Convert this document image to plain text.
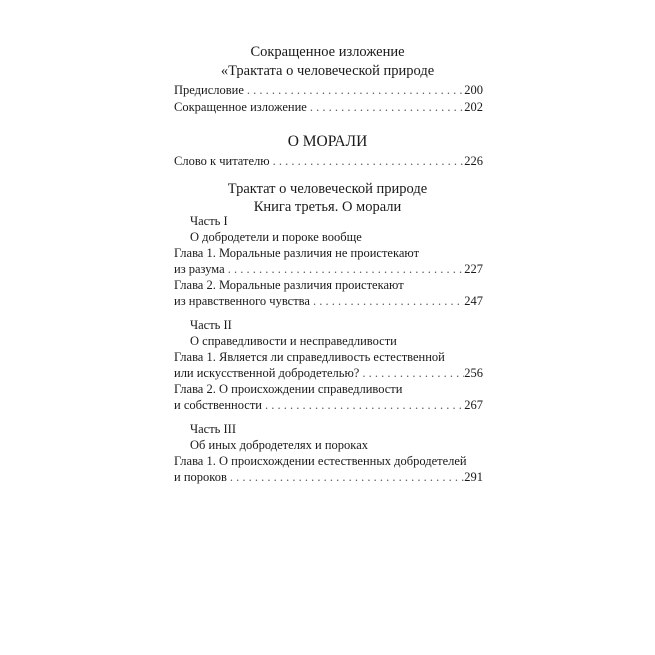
Сокращенное изложение
«Трактата о человеческой природе
Предисловие . . .	200
Сокращенное изложение . . .	202
О МОРАЛИ
Слово к читателю . . .	226
Трактат о человеческой природе
Книга третья. О морали
Часть I
О добродетели и пороке вообще
Глава 1. Моральные различия не проистекают
из разума . . .	227
Глава 2. Моральные различия проистекают
из нравственного чувства . . .	247
Часть II
О справедливости и несправедливости
Глава 1. Является ли справедливость естественной
или искусственной добродетелью? . . .	256
Глава 2. О происхождении справедливости
и собственности . . .	267
Часть III
Об иных добродетелях и пороках
Глава 1. О происхождении естественных добродетелей
и пороков . . .	291
